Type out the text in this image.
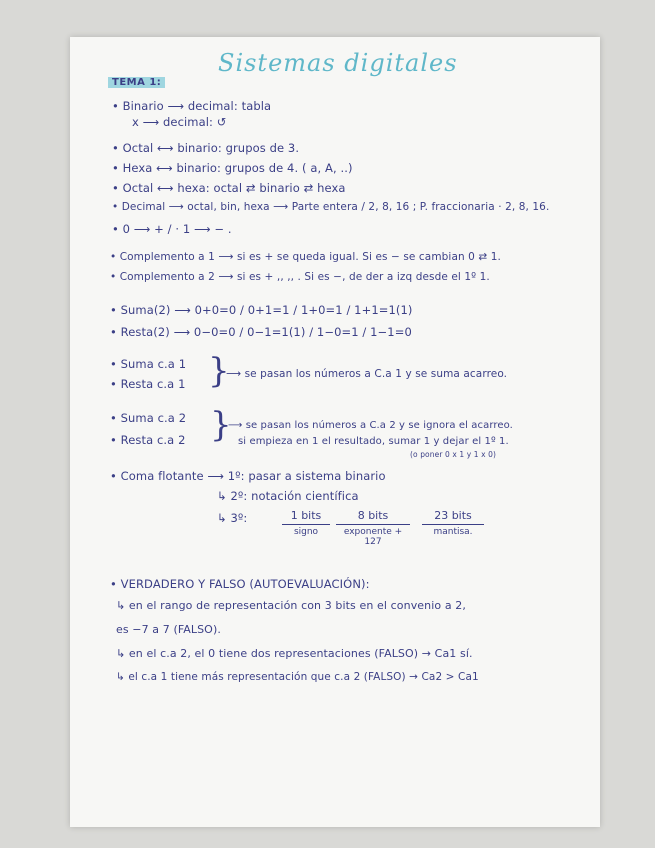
Sistemas digitales
TEMA 1:
• Binario ⟶ decimal: tabla
x ⟶ decimal: ↺
• Octal ⟷ binario: grupos de 3.
• Hexa ⟷ binario: grupos de 4. ( a, A, ..)
• Octal ⟷ hexa: octal ⇄ binario ⇄ hexa
• Decimal ⟶ octal, bin, hexa ⟶ Parte entera / 2, 8, 16 ; P. fraccionaria · 2, 8, 16.
• 0 ⟶ + / · 1 ⟶ − .
• Complemento a 1 ⟶ si es + se queda igual. Si es − se cambian 0 ⇄ 1.
• Complemento a 2 ⟶ si es + ,, ,, . Si es −, de der a izq desde el 1º 1.
• Suma(2) ⟶ 0+0=0 / 0+1=1 / 1+0=1 / 1+1=1(1)
• Resta(2) ⟶ 0−0=0 / 0−1=1(1) / 1−0=1 / 1−1=0
• Suma c.a 1
• Resta c.a 1 }
⟶ se pasan los números a C.a 1 y se suma acarreo.
• Suma c.a 2
• Resta c.a 2 }
⟶ se pasan los números a C.a 2 y se ignora el acarreo.
si empieza en 1 el resultado, sumar 1 y dejar el 1º 1.
(o poner 0 x 1 y 1 x 0)
• Coma flotante ⟶ 1º: pasar a sistema binario
↳ 2º: notación científica
↳ 3º:	1 bits
signo
8 bits
exponente + 127
23 bits
mantisa.
• VERDADERO Y FALSO (AUTOEVALUACIÓN):
↳ en el rango de representación con 3 bits en el convenio a 2,
es −7 a 7 (FALSO).
↳ en el c.a 2, el 0 tiene dos representaciones (FALSO) → Ca1 sí.
↳ el c.a 1 tiene más representación que c.a 2 (FALSO) → Ca2 > Ca1
